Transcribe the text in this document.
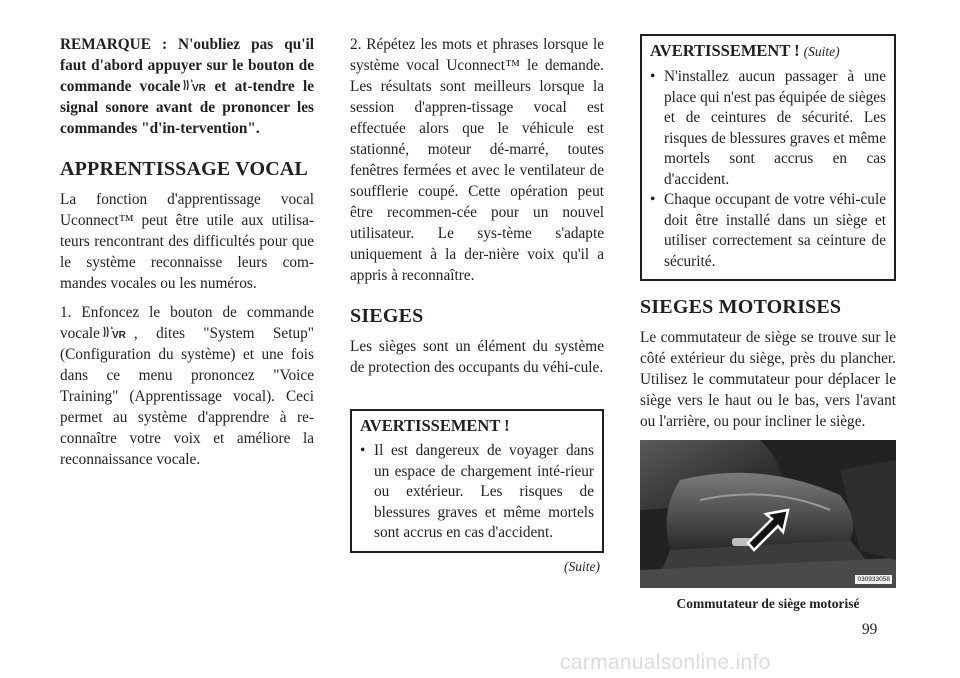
REMARQUE : N'oubliez pas qu'il faut d'abord appuyer sur le bouton de commande vocale VR et at-tendre le signal sonore avant de prononcer les commandes "d'in-tervention".

APPRENTISSAGE VOCAL

La fonction d'apprentissage vocal Uconnect™ peut être utile aux utilisa-teurs rencontrant des difficultés pour que le système reconnaisse leurs com-mandes vocales ou les numéros.

1. Enfoncez le bouton de commande vocale VR , dites "System Setup" (Configuration du système) et une fois dans ce menu prononcez "Voice Training" (Apprentissage vocal). Ceci permet au système d'apprendre à re-connaître votre voix et améliore la reconnaissance vocale.

2. Répétez les mots et phrases lorsque le système vocal Uconnect™ le demande. Les résultats sont meilleurs lorsque la session d'appren-tissage vocal est effectuée alors que le véhicule est stationné, moteur dé-marré, toutes fenêtres fermées et avec le ventilateur de soufflerie coupé. Cette opération peut être recommen-cée pour un nouvel utilisateur. Le sys-tème s'adapte uniquement à la der-nière voix qu'il a appris à reconnaître.

SIEGES

Les sièges sont un élément du système de protection des occupants du véhi-cule.

AVERTISSEMENT !
• Il est dangereux de voyager dans un espace de chargement inté-rieur ou extérieur. Les risques de blessures graves et même mortels sont accrus en cas d'accident.
(Suite)
AVERTISSEMENT ! (Suite)
• N'installez aucun passager à une place qui n'est pas équipée de sièges et de ceintures de sécurité. Les risques de blessures graves et même mortels sont accrus en cas d'accident.
• Chaque occupant de votre véhi-cule doit être installé dans un siège et utiliser correctement sa ceinture de sécurité.
SIEGES MOTORISES

Le commutateur de siège se trouve sur le côté extérieur du siège, près du plancher. Utilisez le commutateur pour déplacer le siège vers le haut ou le bas, vers l'avant ou l'arrière, ou pour incliner le siège.

030933058
Commutateur de siège motorisé
99
carmanualsonline.info
